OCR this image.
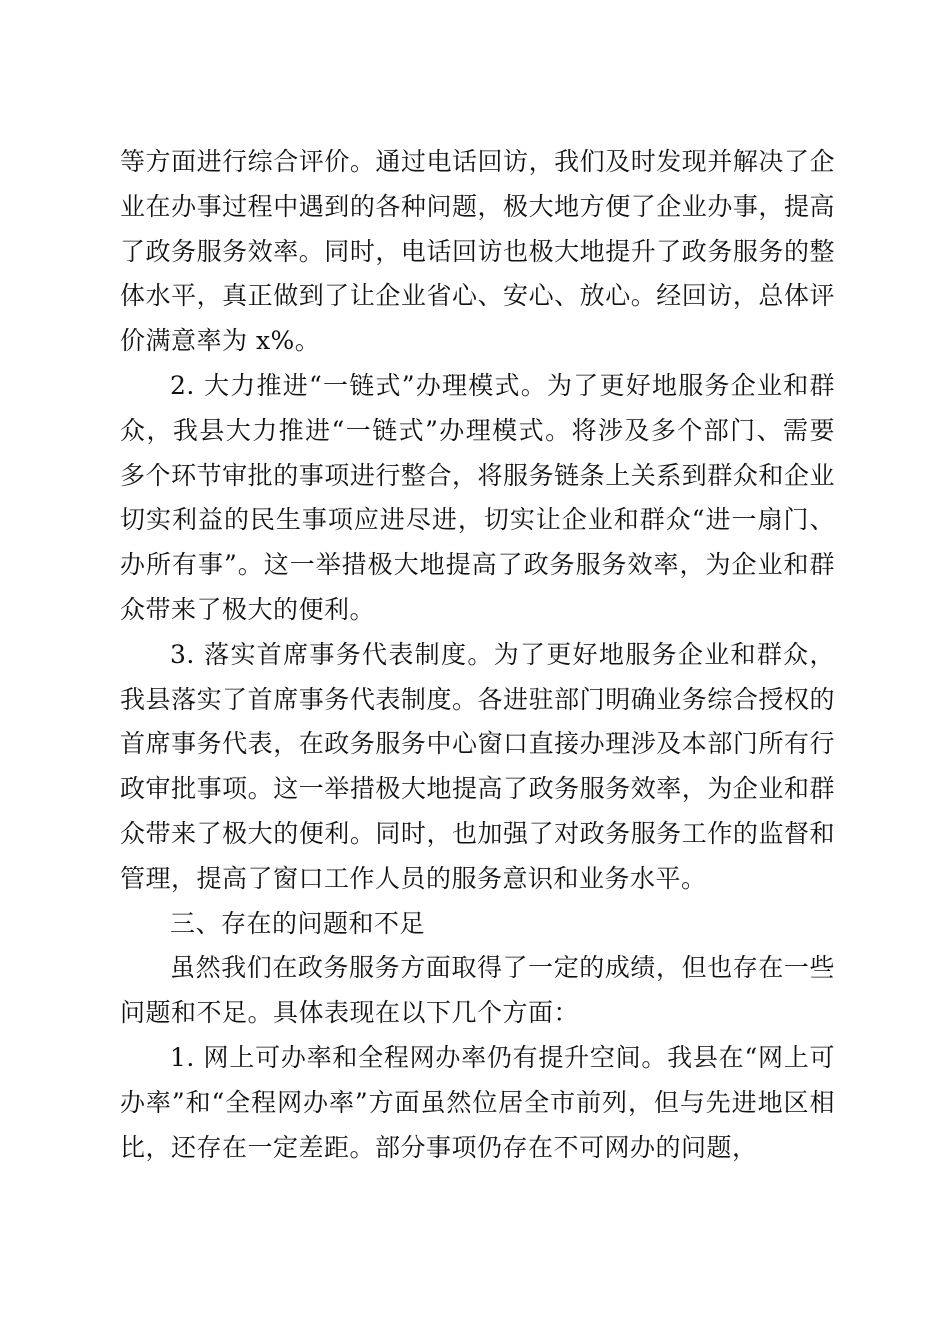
等方面进行综合评价。通过电话回访，我们及时发现并解决了企业在办事过程中遇到的各种问题，极大地方便了企业办事，提高了政务服务效率。同时，电话回访也极大地提升了政务服务的整体水平，真正做到了让企业省心、安心、放心。经回访，总体评价满意率为 x%。

2. 大力推进“一链式”办理模式。为了更好地服务企业和群众，我县大力推进“一链式”办理模式。将涉及多个部门、需要多个环节审批的事项进行整合，将服务链条上关系到群众和企业切实利益的民生事项应进尽进，切实让企业和群众“进一扇门、办所有事”。这一举措极大地提高了政务服务效率，为企业和群众带来了极大的便利。

3. 落实首席事务代表制度。为了更好地服务企业和群众，我县落实了首席事务代表制度。各进驻部门明确业务综合授权的首席事务代表，在政务服务中心窗口直接办理涉及本部门所有行政审批事项。这一举措极大地提高了政务服务效率，为企业和群众带来了极大的便利。同时，也加强了对政务服务工作的监督和管理，提高了窗口工作人员的服务意识和业务水平。

三、存在的问题和不足

虽然我们在政务服务方面取得了一定的成绩，但也存在一些问题和不足。具体表现在以下几个方面：

1. 网上可办率和全程网办率仍有提升空间。我县在“网上可办率”和“全程网办率”方面虽然位居全市前列，但与先进地区相比，还存在一定差距。部分事项仍存在不可网办的问题，
